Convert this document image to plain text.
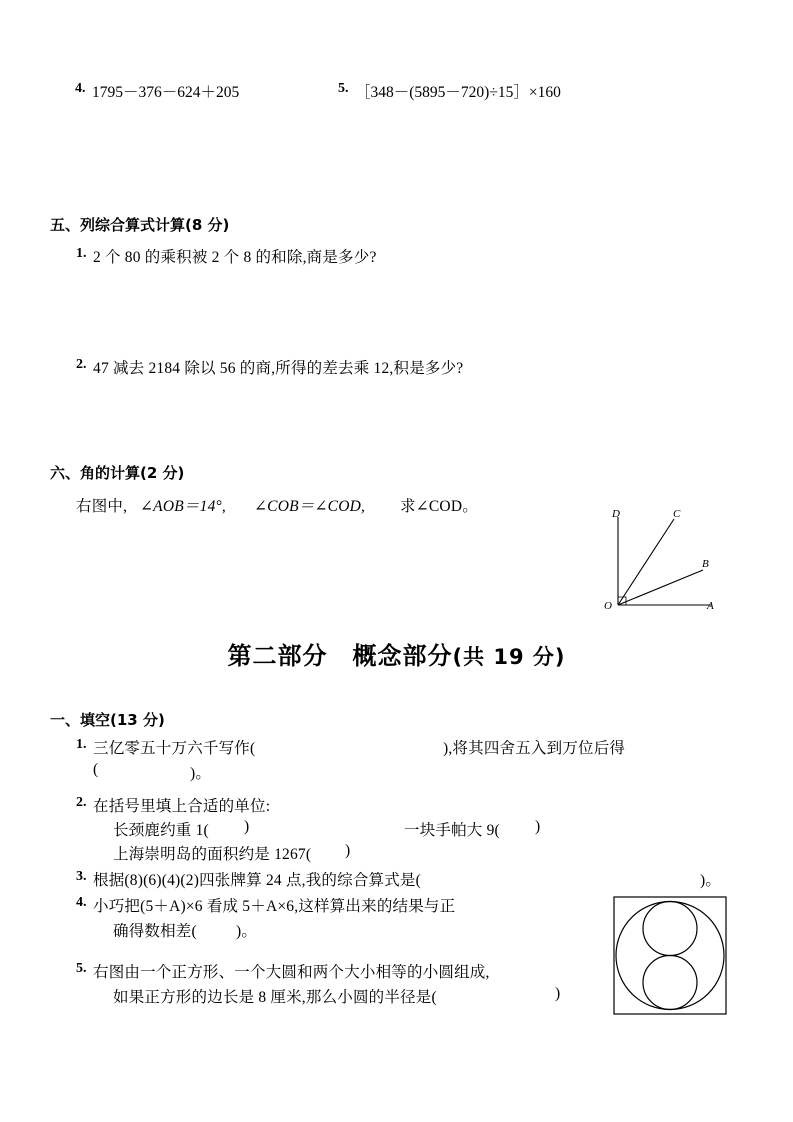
4. 1795－376－624＋205	5. ［348－(5895－720)÷15］×160
五、列综合算式计算(8 分)
1. 2 个 80 的乘积被 2 个 8 的和除,商是多少?
2. 47 减去 2184 除以 56 的商,所得的差去乘 12,积是多少?
六、角的计算(2 分)
右图中, ∠AOB＝14°, ∠COB＝∠COD, 求∠COD。	D	C
B
A
O
第二部分　概念部分(共 19 分)
一、填空(13 分)
1. 三亿零五十万六千写作(	),将其四舍五入到万位后得
(	)。
2. 在括号里填上合适的单位:
长颈鹿约重 1( )	一块手帕大 9( )
上海崇明岛的面积约是 1267( )
3. 根据(8)(6)(4)(2)四张牌算 24 点,我的综合算式是(	)。
4. 小巧把(5＋A)×6 看成 5＋A×6,这样算出来的结果与正
确得数相差(	)。
5. 右图由一个正方形、一个大圆和两个大小相等的小圆组成,
如果正方形的边长是 8 厘米,那么小圆的半径是(	)
